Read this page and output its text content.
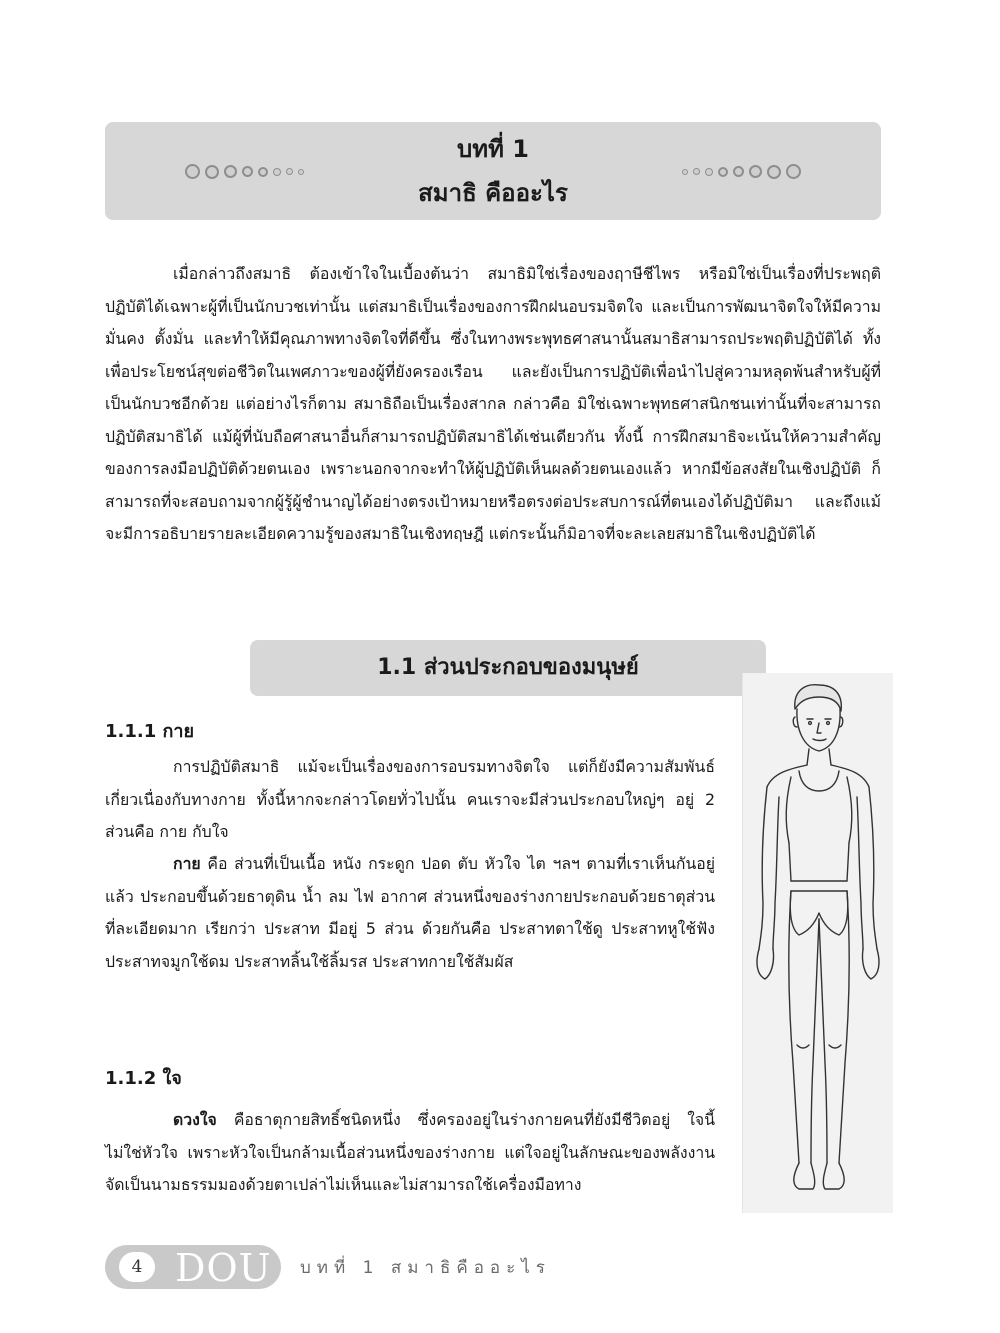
บทที่ 1
สมาธิ คืออะไร

เมื่อกล่าวถึงสมาธิ ต้องเข้าใจในเบื้องต้นว่า สมาธิมิใช่เรื่องของฤาษีชีไพร หรือมิใช่เป็นเรื่องที่ประพฤติปฏิบัติได้เฉพาะผู้ที่เป็นนักบวชเท่านั้น แต่สมาธิเป็นเรื่องของการฝึกฝนอบรมจิตใจ และเป็นการพัฒนาจิตใจให้มีความมั่นคง ตั้งมั่น และทำให้มีคุณภาพทางจิตใจที่ดีขึ้น ซึ่งในทางพระพุทธศาสนานั้นสมาธิสามารถประพฤติปฏิบัติได้ ทั้งเพื่อประโยชน์สุขต่อชีวิตในเพศภาวะของผู้ที่ยังครองเรือน และยังเป็นการปฏิบัติเพื่อนำไปสู่ความหลุดพ้นสำหรับผู้ที่เป็นนักบวชอีกด้วย แต่อย่างไรก็ตาม สมาธิถือเป็นเรื่องสากล กล่าวคือ มิใช่เฉพาะพุทธศาสนิกชนเท่านั้นที่จะสามารถปฏิบัติสมาธิได้ แม้ผู้ที่นับถือศาสนาอื่นก็สามารถปฏิบัติสมาธิได้เช่นเดียวกัน ทั้งนี้ การฝึกสมาธิจะเน้นให้ความสำคัญของการลงมือปฏิบัติด้วยตนเอง เพราะนอกจากจะทำให้ผู้ปฏิบัติเห็นผลด้วยตนเองแล้ว หากมีข้อสงสัยในเชิงปฏิบัติ ก็สามารถที่จะสอบถามจากผู้รู้ผู้ชำนาญได้อย่างตรงเป้าหมายหรือตรงต่อประสบการณ์ที่ตนเองได้ปฏิบัติมา และถึงแม้จะมีการอธิบายรายละเอียดความรู้ของสมาธิในเชิงทฤษฎี แต่กระนั้นก็มิอาจที่จะละเลยสมาธิในเชิงปฏิบัติได้

1.1 ส่วนประกอบของมนุษย์
1.1.1 กาย

การปฏิบัติสมาธิ แม้จะเป็นเรื่องของการอบรมทางจิตใจ แต่ก็ยังมีความสัมพันธ์เกี่ยวเนื่องกับทางกาย ทั้งนี้หากจะกล่าวโดยทั่วไปนั้น คนเราจะมีส่วนประกอบใหญ่ๆ อยู่ 2 ส่วนคือ กาย กับใจ

กาย คือ ส่วนที่เป็นเนื้อ หนัง กระดูก ปอด ตับ หัวใจ ไต ฯลฯ ตามที่เราเห็นกันอยู่แล้ว ประกอบขึ้นด้วยธาตุดิน น้ำ ลม ไฟ อากาศ ส่วนหนึ่งของร่างกายประกอบด้วยธาตุส่วนที่ละเอียดมาก เรียกว่า ประสาท มีอยู่ 5 ส่วน ด้วยกันคือ ประสาทตาใช้ดู ประสาทหูใช้ฟัง ประสาทจมูกใช้ดม ประสาทลิ้นใช้ลิ้มรส ประสาทกายใช้สัมผัส

1.1.2 ใจ

ดวงใจ คือธาตุกายสิทธิ์ชนิดหนึ่ง ซึ่งครองอยู่ในร่างกายคนที่ยังมีชีวิตอยู่ ใจนี้ไม่ใช่หัวใจ เพราะหัวใจเป็นกล้ามเนื้อส่วนหนึ่งของร่างกาย แต่ใจอยู่ในลักษณะของพลังงาน จัดเป็นนามธรรมมองด้วยตาเปล่าไม่เห็นและไม่สามารถใช้เครื่องมือทาง

4 DOU บทที่ 1 สมาธิคืออะไร
